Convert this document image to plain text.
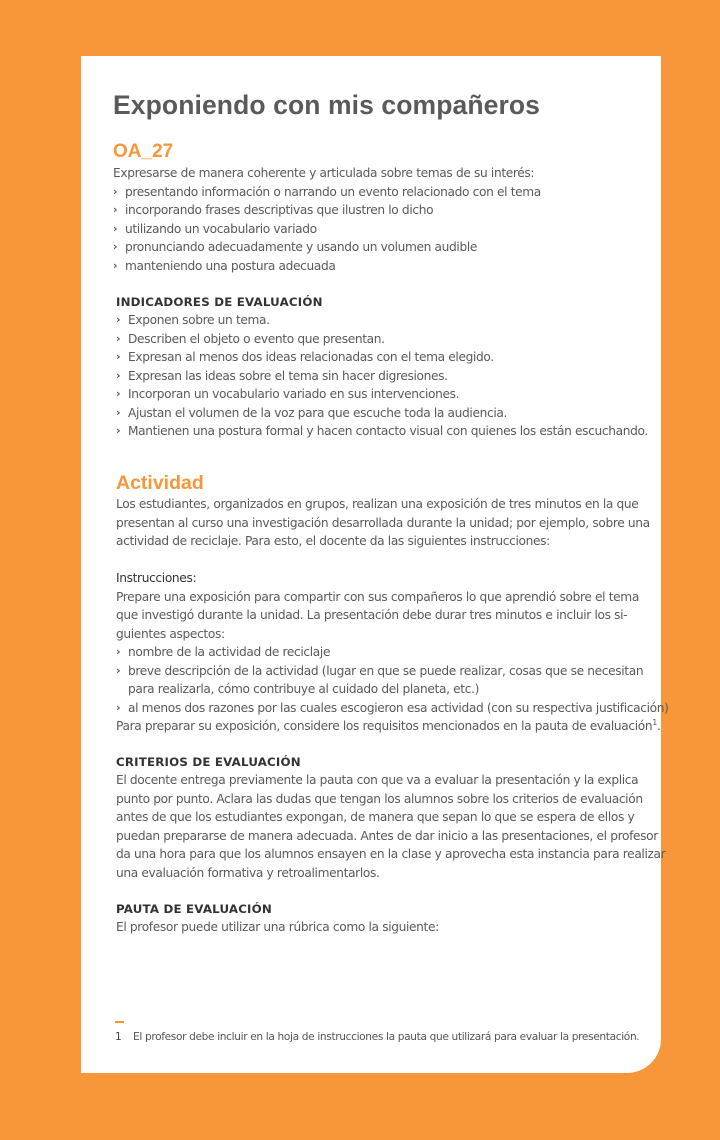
Exponiendo con mis compañeros
OA_27
Expresarse de manera coherente y articulada sobre temas de su interés:
› presentando información o narrando un evento relacionado con el tema
› incorporando frases descriptivas que ilustren lo dicho
› utilizando un vocabulario variado
› pronunciando adecuadamente y usando un volumen audible
› manteniendo una postura adecuada
INDICADORES DE EVALUACIÓN
› Exponen sobre un tema.
› Describen el objeto o evento que presentan.
› Expresan al menos dos ideas relacionadas con el tema elegido.
› Expresan las ideas sobre el tema sin hacer digresiones.
› Incorporan un vocabulario variado en sus intervenciones.
› Ajustan el volumen de la voz para que escuche toda la audiencia.
› Mantienen una postura formal y hacen contacto visual con quienes los están escuchando.
Actividad
Los estudiantes, organizados en grupos, realizan una exposición de tres minutos en la que
presentan al curso una investigación desarrollada durante la unidad; por ejemplo, sobre una
actividad de reciclaje. Para esto, el docente da las siguientes instrucciones:
Instrucciones:
Prepare una exposición para compartir con sus compañeros lo que aprendió sobre el tema
que investigó durante la unidad. La presentación debe durar tres minutos e incluir los si-
guientes aspectos:
› nombre de la actividad de reciclaje
› breve descripción de la actividad (lugar en que se puede realizar, cosas que se necesitan
para realizarla, cómo contribuye al cuidado del planeta, etc.)
› al menos dos razones por las cuales escogieron esa actividad (con su respectiva justificación)
Para preparar su exposición, considere los requisitos mencionados en la pauta de evaluación$^1$.
CRITERIOS DE EVALUACIÓN
El docente entrega previamente la pauta con que va a evaluar la presentación y la explica
punto por punto. Aclara las dudas que tengan los alumnos sobre los criterios de evaluación
antes de que los estudiantes expongan, de manera que sepan lo que se espera de ellos y
puedan prepararse de manera adecuada. Antes de dar inicio a las presentaciones, el profesor
da una hora para que los alumnos ensayen en la clase y aprovecha esta instancia para realizar
una evaluación formativa y retroalimentarlos.
PAUTA DE EVALUACIÓN
El profesor puede utilizar una rúbrica como la siguiente:
1 El profesor debe incluir en la hoja de instrucciones la pauta que utilizará para evaluar la presentación.
